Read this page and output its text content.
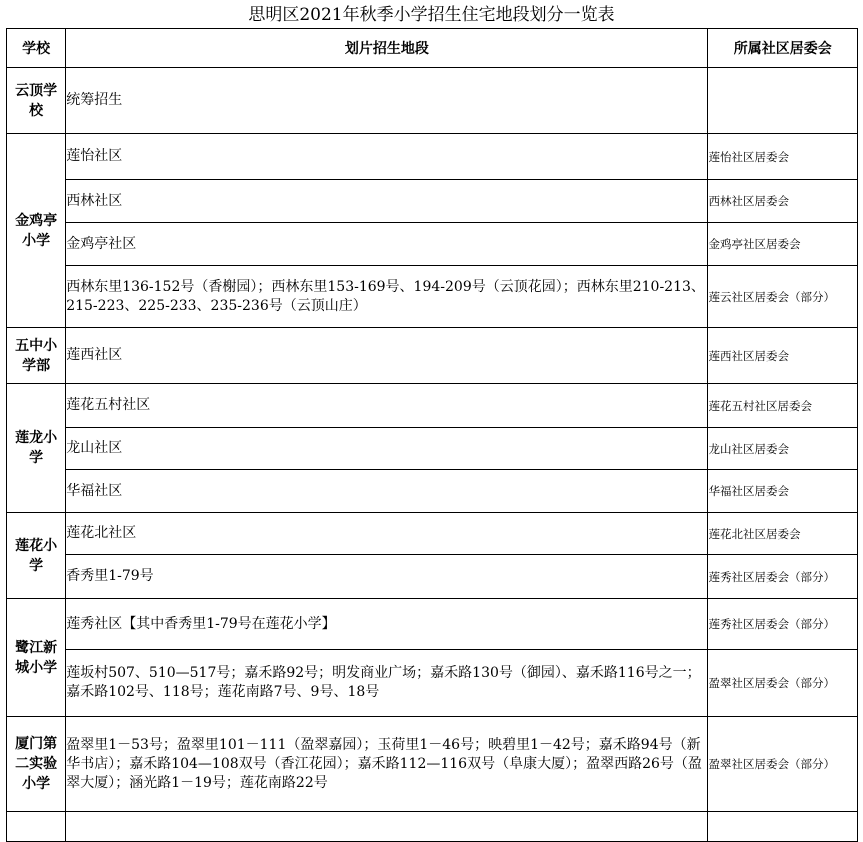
思明区2021年秋季小学招生住宅地段划分一览表
学校	划片招生地段	所属社区居委会
云顶学校	统筹招生	
金鸡亭小学	莲怡社区	莲怡社区居委会
	西林社区	西林社区居委会
	金鸡亭社区	金鸡亭社区居委会
	西林东里136-152号（香榭园）；西林东里153-169号、194-209号（云顶花园）；西林东里210-213、215-223、225-233、235-236号（云顶山庄）	莲云社区居委会（部分）
五中小学部	莲西社区	莲西社区居委会
莲龙小学	莲花五村社区	莲花五村社区居委会
	龙山社区	龙山社区居委会
	华福社区	华福社区居委会
莲花小学	莲花北社区	莲花北社区居委会
	香秀里1-79号	莲秀社区居委会（部分）
鹭江新城小学	莲秀社区【其中香秀里1-79号在莲花小学】	莲秀社区居委会（部分）
	莲坂村507、510—517号；嘉禾路92号；明发商业广场；嘉禾路130号（御园）、嘉禾路116号之一；嘉禾路102号、118号；莲花南路7号、9号、18号	盈翠社区居委会（部分）
厦门第二实验小学	盈翠里1－53号；盈翠里101－111（盈翠嘉园）；玉荷里1－46号；映碧里1－42号；嘉禾路94号（新华书店）；嘉禾路104—108双号（香江花园）；嘉禾路112—116双号（阜康大厦）；盈翠西路26号（盈翠大厦）；涵光路1－19号；莲花南路22号	盈翠社区居委会（部分）
